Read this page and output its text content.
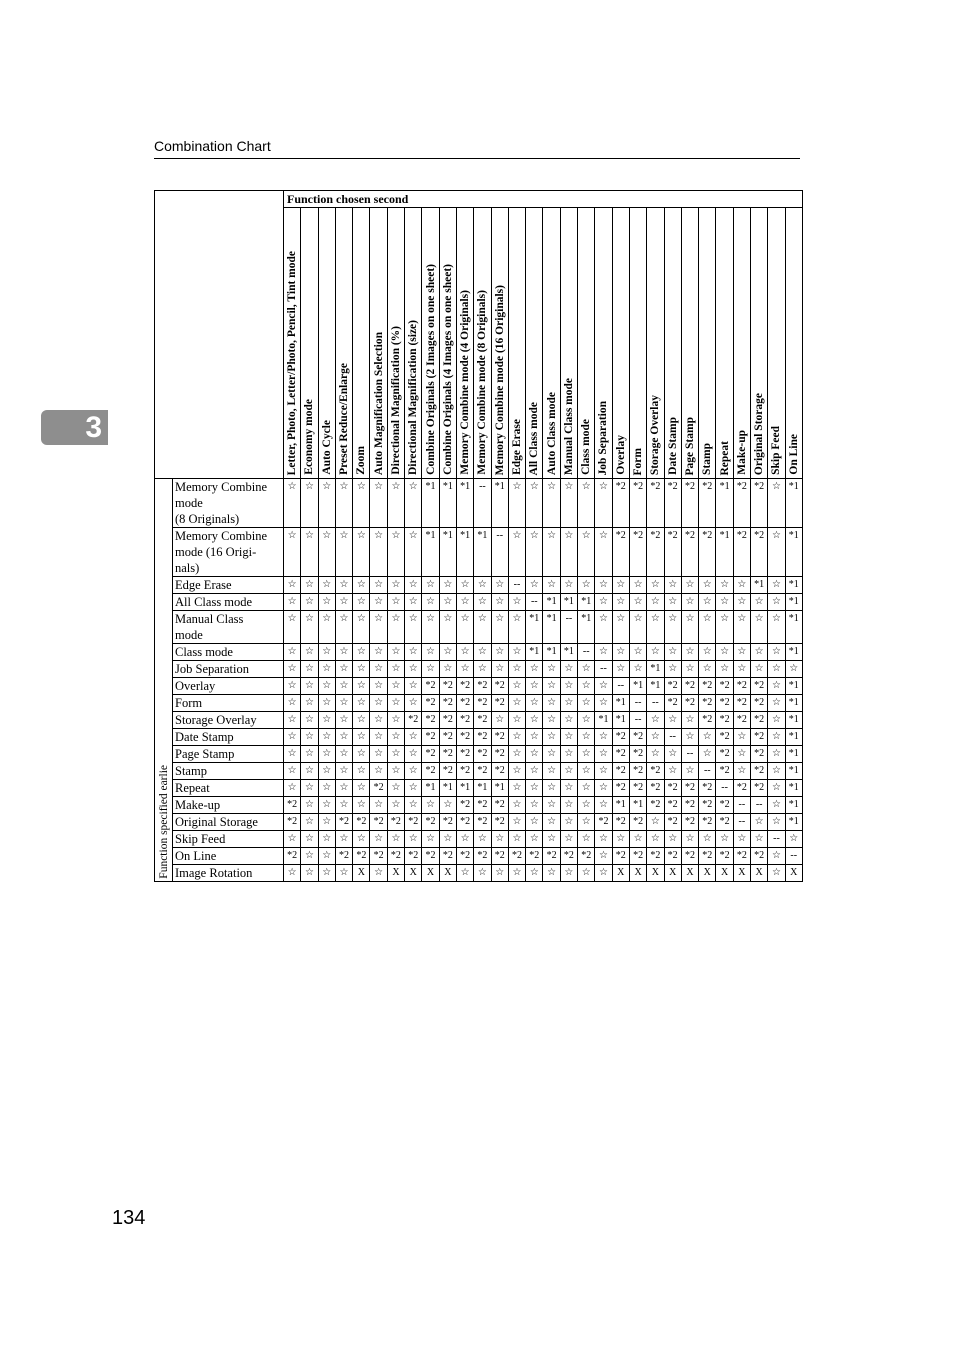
Combination Chart
3
		Function chosen second																													

		Letter, Photo, Letter/Photo, Pencil, Tint mode	Economy mode	Auto Cycle	Preset Reduce/Enlarge	Zoom	Auto Magnification Selection	Directional Magnification (%)	Directional Magnification (size)	Combine Originals (2 Images on one sheet)	Combine Originals (4 Images on one sheet)	Memory Combine mode (4 Originals)	Memory Combine mode (8 Originals)	Memory Combine mode (16 Originals)	Edge Erase	All Class mode	Auto Class mode	Manual Class mode	Class mode	Job Separation	Overlay	Form	Storage Overlay	Date Stamp	Page Stamp	Stamp	Repeat	Make-up	Original Storage	Skip Feed	On Line

Function specified earlie	Memory Combine
mode
(8 Originals)	☆	☆	☆	☆	☆	☆	☆	☆	*1	*1	*1	--	*1	☆	☆	☆	☆	☆	☆	*2	*2	*2	*2	*2	*2	*1	*2	*2	☆	*1

	Memory Combine
mode (16 Origi-
nals)	☆	☆	☆	☆	☆	☆	☆	☆	*1	*1	*1	*1	--	☆	☆	☆	☆	☆	☆	*2	*2	*2	*2	*2	*2	*1	*2	*2	☆	*1

	Edge Erase	☆	☆	☆	☆	☆	☆	☆	☆	☆	☆	☆	☆	☆	--	☆	☆	☆	☆	☆	☆	☆	☆	☆	☆	☆	☆	☆	*1	☆	*1

	All Class mode	☆	☆	☆	☆	☆	☆	☆	☆	☆	☆	☆	☆	☆	☆	--	*1	*1	*1	☆	☆	☆	☆	☆	☆	☆	☆	☆	☆	☆	*1

	Manual Class
mode	☆	☆	☆	☆	☆	☆	☆	☆	☆	☆	☆	☆	☆	☆	*1	*1	--	*1	☆	☆	☆	☆	☆	☆	☆	☆	☆	☆	☆	*1

	Class mode	☆	☆	☆	☆	☆	☆	☆	☆	☆	☆	☆	☆	☆	☆	*1	*1	*1	--	☆	☆	☆	☆	☆	☆	☆	☆	☆	☆	☆	*1

	Job Separation	☆	☆	☆	☆	☆	☆	☆	☆	☆	☆	☆	☆	☆	☆	☆	☆	☆	☆	--	☆	☆	*1	☆	☆	☆	☆	☆	☆	☆	☆

	Overlay	☆	☆	☆	☆	☆	☆	☆	☆	*2	*2	*2	*2	*2	☆	☆	☆	☆	☆	☆	--	*1	*1	*2	*2	*2	*2	*2	*2	☆	*1

	Form	☆	☆	☆	☆	☆	☆	☆	☆	*2	*2	*2	*2	*2	☆	☆	☆	☆	☆	☆	*1	--	--	*2	*2	*2	*2	*2	*2	☆	*1

	Storage Overlay	☆	☆	☆	☆	☆	☆	☆	*2	*2	*2	*2	*2	☆	☆	☆	☆	☆	☆	*1	*1	--	☆	☆	☆	*2	*2	*2	*2	☆	*1

	Date Stamp	☆	☆	☆	☆	☆	☆	☆	☆	*2	*2	*2	*2	*2	☆	☆	☆	☆	☆	☆	*2	*2	☆	--	☆	☆	*2	☆	*2	☆	*1

	Page Stamp	☆	☆	☆	☆	☆	☆	☆	☆	*2	*2	*2	*2	*2	☆	☆	☆	☆	☆	☆	*2	*2	☆	☆	--	☆	*2	☆	*2	☆	*1

	Stamp	☆	☆	☆	☆	☆	☆	☆	☆	*2	*2	*2	*2	*2	☆	☆	☆	☆	☆	☆	*2	*2	*2	☆	☆	--	*2	☆	*2	☆	*1

	Repeat	☆	☆	☆	☆	☆	*2	☆	☆	*1	*1	*1	*1	*1	☆	☆	☆	☆	☆	☆	*2	*2	*2	*2	*2	*2	--	*2	*2	☆	*1

	Make-up	*2	☆	☆	☆	☆	☆	☆	☆	☆	☆	*2	*2	*2	☆	☆	☆	☆	☆	☆	*1	*1	*2	*2	*2	*2	*2	--	--	☆	*1

	Original Storage	*2	☆	☆	*2	*2	*2	*2	*2	*2	*2	*2	*2	*2	☆	☆	☆	☆	☆	*2	*2	*2	☆	*2	*2	*2	*2	--	☆	☆	*1

	Skip Feed	☆	☆	☆	☆	☆	☆	☆	☆	☆	☆	☆	☆	☆	☆	☆	☆	☆	☆	☆	☆	☆	☆	☆	☆	☆	☆	☆	☆	--	☆

	On Line	*2	☆	☆	*2	*2	*2	*2	*2	*2	*2	*2	*2	*2	*2	*2	*2	*2	*2	☆	*2	*2	*2	*2	*2	*2	*2	*2	*2	☆	--

	Image Rotation	☆	☆	☆	☆	X	☆	X	X	X	X	☆	☆	☆	☆	☆	☆	☆	☆	☆	X	X	X	X	X	X	X	X	X	☆	X
134
